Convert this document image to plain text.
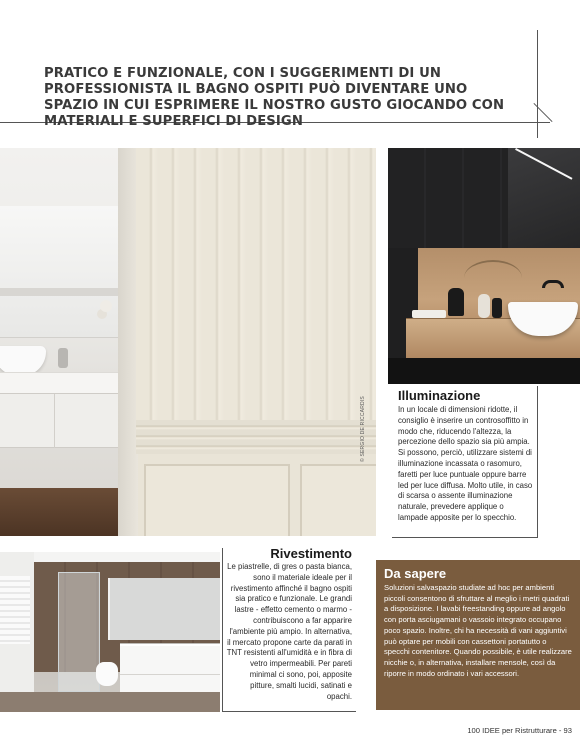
PRATICO E FUNZIONALE, CON I SUGGERIMENTI DI UN PROFESSIONISTA IL BAGNO OSPITI PUÒ DIVENTARE UNO SPAZIO IN CUI ESPRIMERE IL NOSTRO GUSTO GIOCANDO CON MATERIALI E SUPERFICI DI DESIGN
© SERGIO DE RICCARDIS
Illuminazione

In un locale di dimensioni ridotte, il consiglio è inserire un controsoffitto in modo che, riducendo l'altezza, la percezione dello spazio sia più ampia. Si possono, perciò, utilizzare sistemi di illuminazione incassata o rasomuro, faretti per luce puntuale oppure barre led per luce diffusa. Molto utile, in caso di scarsa o assente illuminazione naturale, prevedere applique o lampade apposite per lo specchio.

Rivestimento

Le piastrelle, di gres o pasta bianca, sono il materiale ideale per il rivestimento affinché il bagno ospiti sia pratico e funzionale. Le grandi lastre - effetto cemento o marmo - contribuiscono a far apparire l'ambiente più ampio. In alternativa, il mercato propone carte da parati in TNT resistenti all'umidità e in fibra di vetro impermeabili. Per pareti minimal ci sono, poi, apposite pitture, smalti lucidi, satinati e opachi.

Da sapere

Soluzioni salvaspazio studiate ad hoc per ambienti piccoli consentono di sfruttare al meglio i metri quadrati a disposizione. I lavabi freestanding oppure ad angolo con porta asciugamani o vassoio integrato occupano poco spazio. Inoltre, chi ha necessità di vani aggiuntivi può optare per mobili con cassettoni portatutto o specchi contenitore. Quando possibile, è utile realizzare nicchie o, in alternativa, installare mensole, così da riporre in modo ordinato i vari accessori.

100 IDEE per Ristrutturare - 93
